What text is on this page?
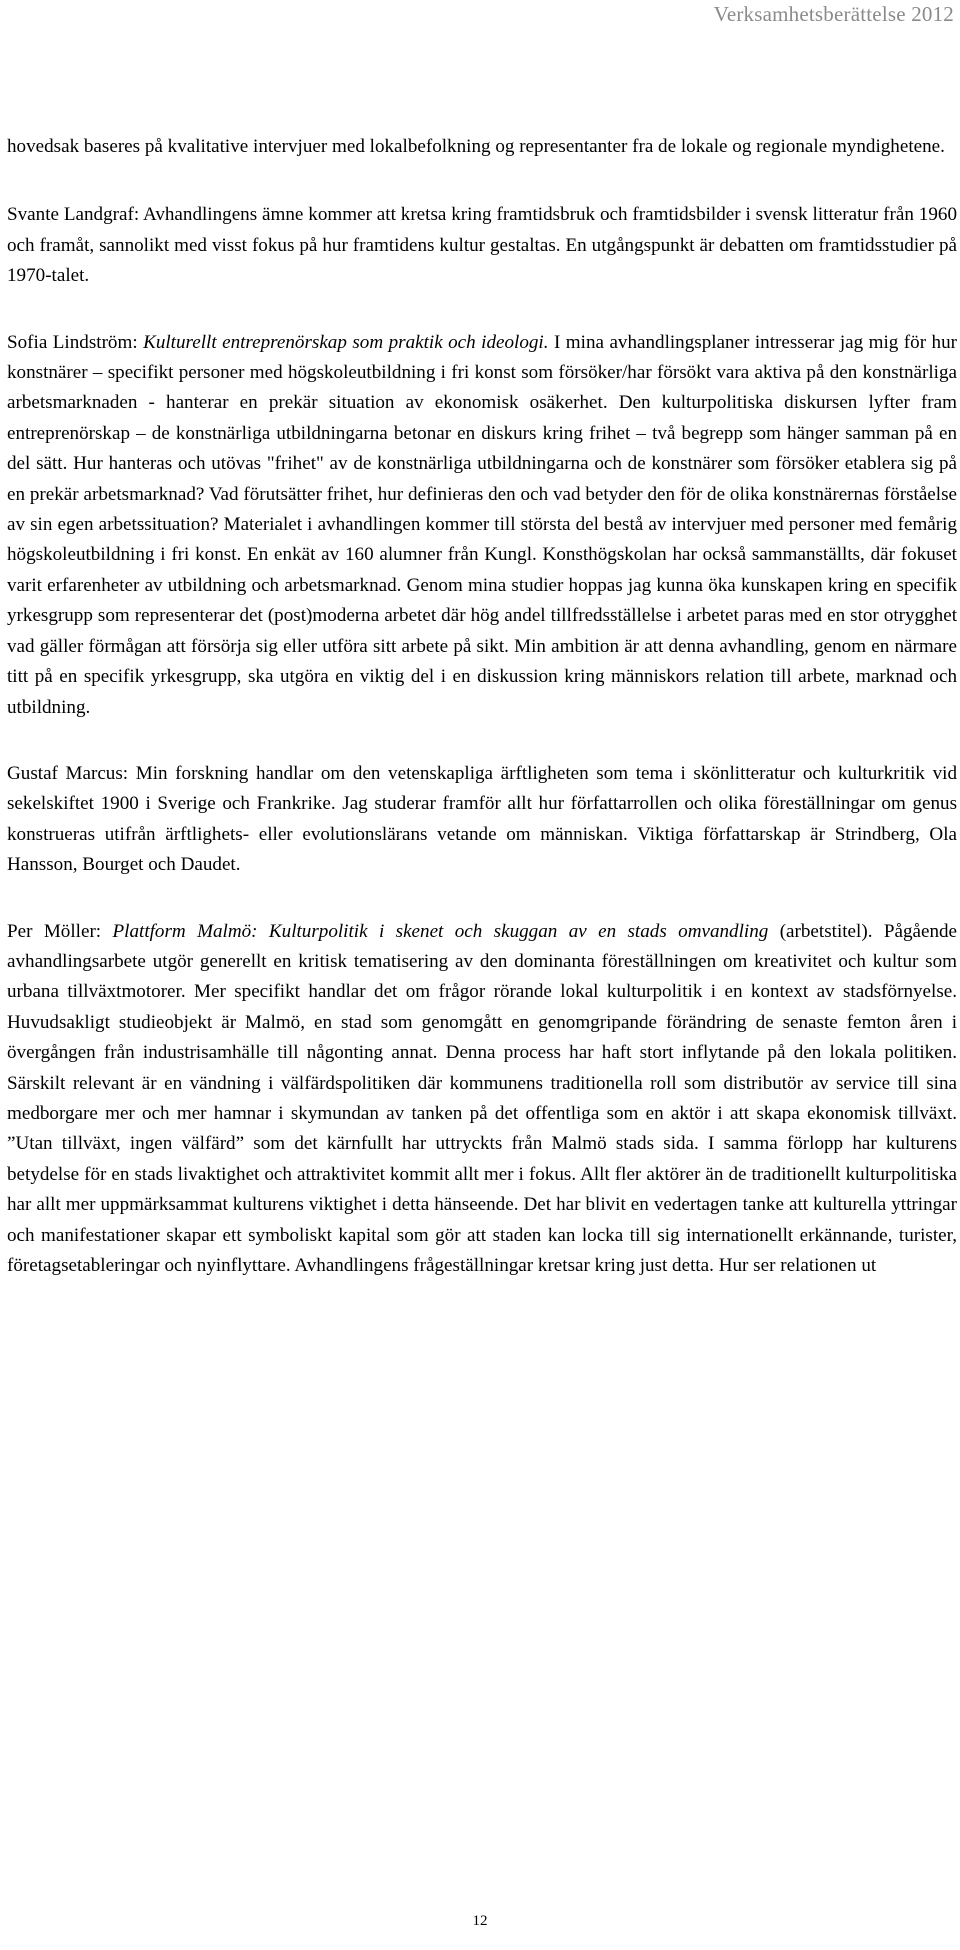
Verksamhetsberättelse 2012

hovedsak baseres på kvalitative intervjuer med lokalbefolkning og representanter fra de lokale og regionale myndighetene.

Svante Landgraf: Avhandlingens ämne kommer att kretsa kring framtidsbruk och framtidsbilder i svensk litteratur från 1960 och framåt, sannolikt med visst fokus på hur framtidens kultur gestaltas. En utgångspunkt är debatten om framtidsstudier på 1970-talet.

Sofia Lindström: Kulturellt entreprenörskap som praktik och ideologi. I mina avhandlingsplaner intresserar jag mig för hur konstnärer – specifikt personer med högskoleutbildning i fri konst som försöker/har försökt vara aktiva på den konstnärliga arbetsmarknaden - hanterar en prekär situation av ekonomisk osäkerhet. Den kulturpolitiska diskursen lyfter fram entreprenörskap – de konstnärliga utbildningarna betonar en diskurs kring frihet – två begrepp som hänger samman på en del sätt. Hur hanteras och utövas "frihet" av de konstnärliga utbildningarna och de konstnärer som försöker etablera sig på en prekär arbetsmarknad? Vad förutsätter frihet, hur definieras den och vad betyder den för de olika konstnärernas förståelse av sin egen arbetssituation? Materialet i avhandlingen kommer till största del bestå av intervjuer med personer med femårig högskoleutbildning i fri konst. En enkät av 160 alumner från Kungl. Konsthögskolan har också sammanställts, där fokuset varit erfarenheter av utbildning och arbetsmarknad. Genom mina studier hoppas jag kunna öka kunskapen kring en specifik yrkesgrupp som representerar det (post)moderna arbetet där hög andel tillfredsställelse i arbetet paras med en stor otrygghet vad gäller förmågan att försörja sig eller utföra sitt arbete på sikt. Min ambition är att denna avhandling, genom en närmare titt på en specifik yrkesgrupp, ska utgöra en viktig del i en diskussion kring människors relation till arbete, marknad och utbildning.

Gustaf Marcus: Min forskning handlar om den vetenskapliga ärftligheten som tema i skönlitteratur och kulturkritik vid sekelskiftet 1900 i Sverige och Frankrike. Jag studerar framför allt hur författarrollen och olika föreställningar om genus konstrueras utifrån ärftlighets- eller evolutionslärans vetande om människan. Viktiga författarskap är Strindberg, Ola Hansson, Bourget och Daudet.

Per Möller: Plattform Malmö: Kulturpolitik i skenet och skuggan av en stads omvandling (arbetstitel). Pågående avhandlingsarbete utgör generellt en kritisk tematisering av den dominanta föreställningen om kreativitet och kultur som urbana tillväxtmotorer. Mer specifikt handlar det om frågor rörande lokal kulturpolitik i en kontext av stadsförnyelse. Huvudsakligt studieobjekt är Malmö, en stad som genomgått en genomgripande förändring de senaste femton åren i övergången från industrisamhälle till någonting annat. Denna process har haft stort inflytande på den lokala politiken. Särskilt relevant är en vändning i välfärdspolitiken där kommunens traditionella roll som distributör av service till sina medborgare mer och mer hamnar i skymundan av tanken på det offentliga som en aktör i att skapa ekonomisk tillväxt. ”Utan tillväxt, ingen välfärd” som det kärnfullt har uttryckts från Malmö stads sida. I samma förlopp har kulturens betydelse för en stads livaktighet och attraktivitet kommit allt mer i fokus. Allt fler aktörer än de traditionellt kulturpolitiska har allt mer uppmärksammat kulturens viktighet i detta hänseende. Det har blivit en vedertagen tanke att kulturella yttringar och manifestationer skapar ett symboliskt kapital som gör att staden kan locka till sig internationellt erkännande, turister, företagsetableringar och nyinflyttare. Avhandlingens frågeställningar kretsar kring just detta. Hur ser relationen ut

12
